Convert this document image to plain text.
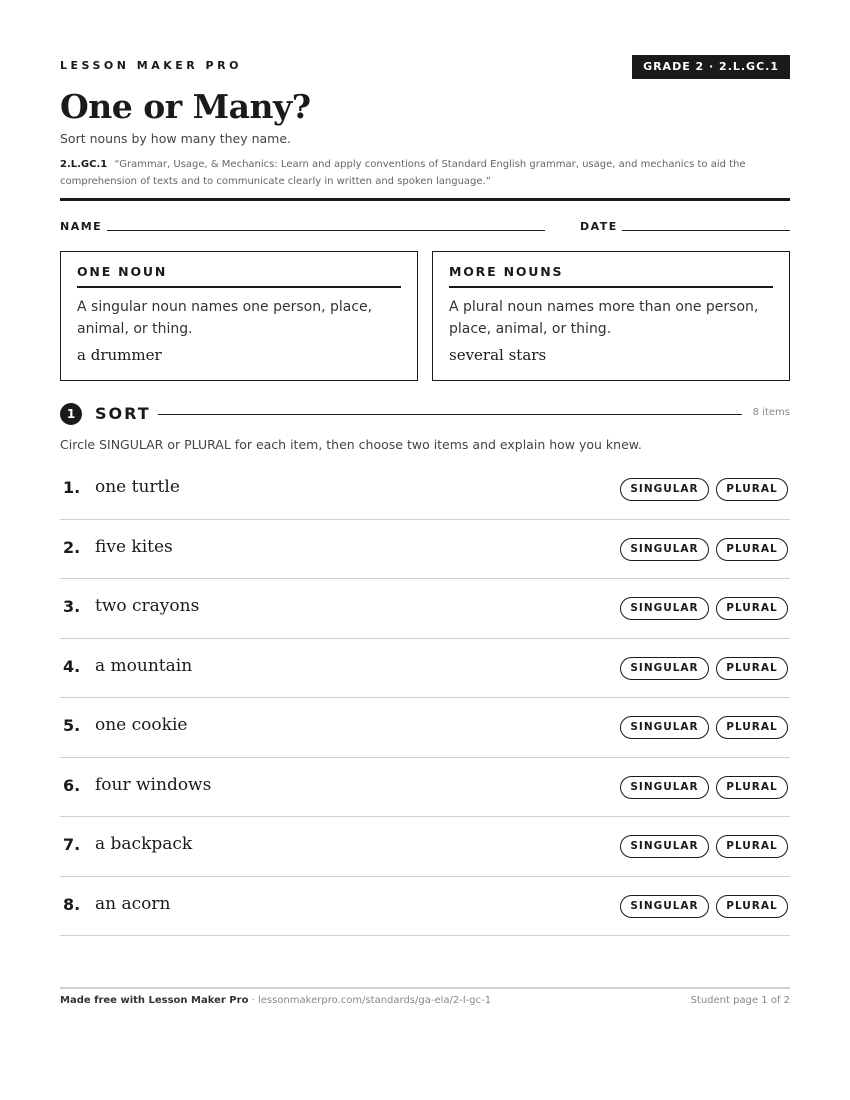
LESSON MAKER PRO	GRADE 2 · 2.L.GC.1
One or Many?
Sort nouns by how many they name.
2.L.GC.1 “Grammar, Usage, & Mechanics: Learn and apply conventions of Standard English grammar, usage, and mechanics to aid the comprehension of texts and to communicate clearly in written and spoken language.”
NAME	DATE
ONE NOUN
A singular noun names one person, place, animal, or thing.
a drummer
MORE NOUNS
A plural noun names more than one person, place, animal, or thing.
several stars
1	SORT	8 items
Circle SINGULAR or PLURAL for each item, then choose two items and explain how you knew.
1. one turtle	SINGULAR	PLURAL
2. five kites	SINGULAR	PLURAL
3. two crayons	SINGULAR	PLURAL
4. a mountain	SINGULAR	PLURAL
5. one cookie	SINGULAR	PLURAL
6. four windows	SINGULAR	PLURAL
7. a backpack	SINGULAR	PLURAL
8. an acorn	SINGULAR	PLURAL
Made free with Lesson Maker Pro · lessonmakerpro.com/standards/ga-ela/2-l-gc-1	Student page 1 of 2
